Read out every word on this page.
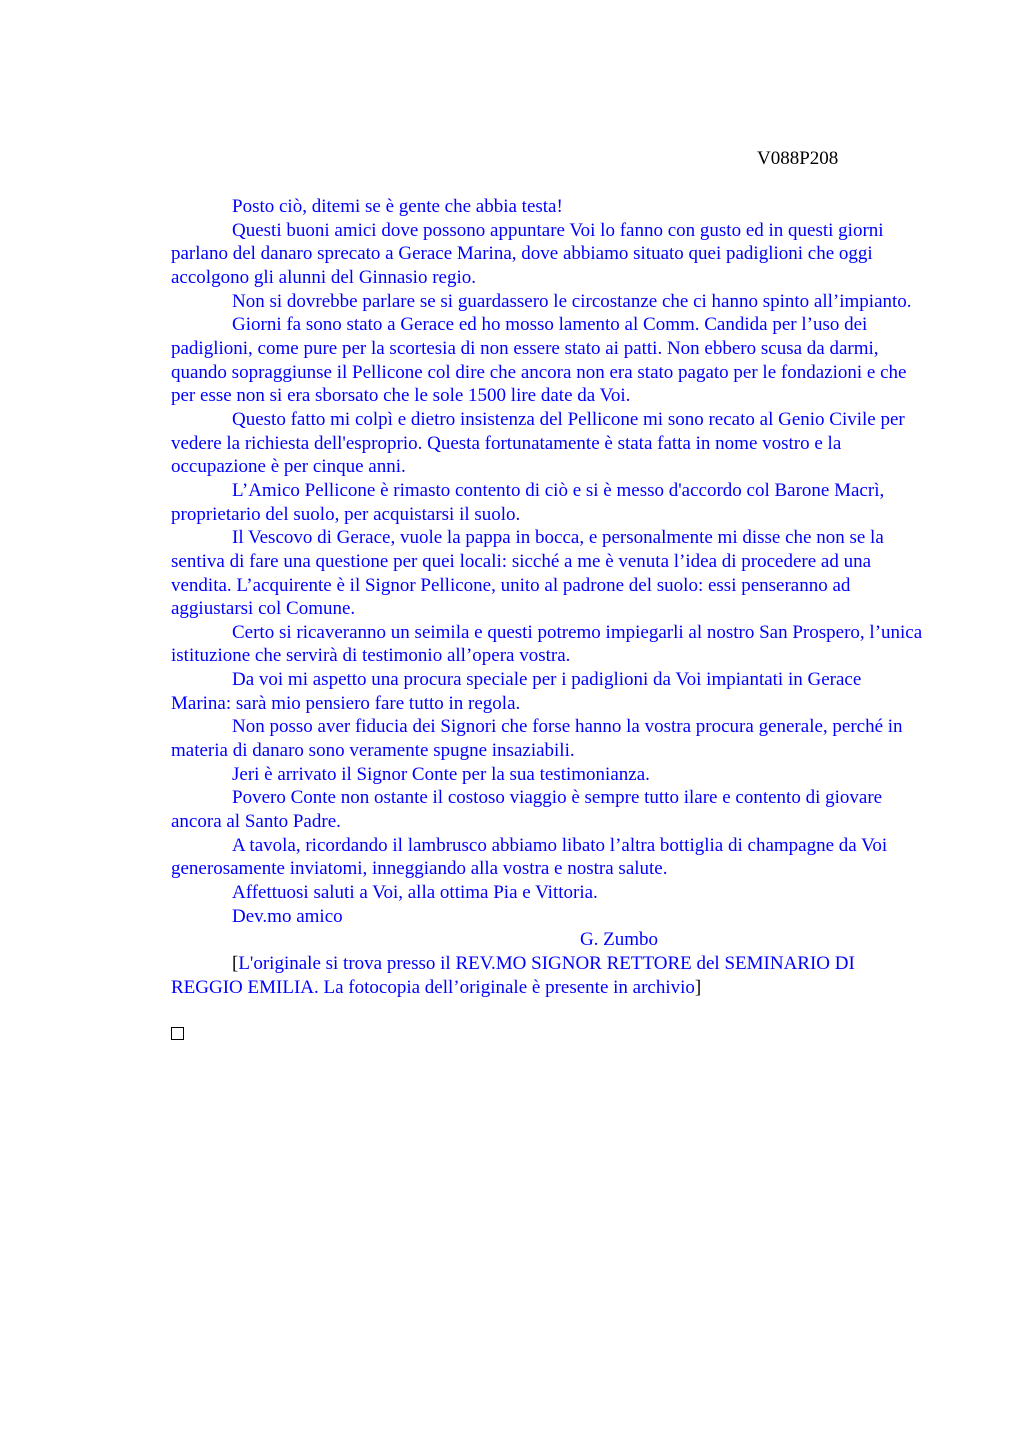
V088P208

Posto ciò, ditemi se è gente che abbia testa!

Questi buoni amici dove possono appuntare Voi lo fanno con gusto ed in questi giorni parlano del danaro sprecato a Gerace Marina, dove abbiamo situato quei padiglioni che oggi accolgono gli alunni del Ginnasio regio.

Non si dovrebbe parlare se si guardassero le circostanze che ci hanno spinto all’impianto.

Giorni fa sono stato a Gerace ed ho mosso lamento al Comm. Candida per l’uso dei padiglioni, come pure per la scortesia di non essere stato ai patti. Non ebbero scusa da darmi, quando sopraggiunse il Pellicone col dire che ancora non era stato pagato per le fondazioni e che per esse non si era sborsato che le sole 1500 lire date da Voi.

Questo fatto mi colpì e dietro insistenza del Pellicone mi sono recato al Genio Civile per vedere la richiesta dell'esproprio. Questa fortunatamente è stata fatta in nome vostro e la occupazione è per cinque anni.

L’Amico Pellicone è rimasto contento di ciò e si è messo d'accordo col Barone Macrì, proprietario del suolo, per acquistarsi il suolo.

Il Vescovo di Gerace, vuole la pappa in bocca, e personalmente mi disse che non se la sentiva di fare una questione per quei locali: sicché a me è venuta l’idea di procedere ad una vendita. L’acquirente è il Signor Pellicone, unito al padrone del suolo: essi penseranno ad aggiustarsi col Comune.

Certo si ricaveranno un seimila e questi potremo impiegarli al nostro San Prospero, l’unica istituzione che servirà di testimonio all’opera vostra.

Da voi mi aspetto una procura speciale per i padiglioni da Voi impiantati in Gerace Marina: sarà mio pensiero fare tutto in regola.

Non posso aver fiducia dei Signori che forse hanno la vostra procura generale, perché in materia di danaro sono veramente spugne insaziabili.

Jeri è arrivato il Signor Conte per la sua testimonianza.

Povero Conte non ostante il costoso viaggio è sempre tutto ilare e contento di giovare ancora al Santo Padre.

A tavola, ricordando il lambrusco abbiamo libato l’altra bottiglia di champagne da Voi generosamente inviatomi, inneggiando alla vostra e nostra salute.

Affettuosi saluti a Voi, alla ottima Pia e Vittoria.

Dev.mo amico

G. Zumbo

[L'originale si trova presso il REV.MO SIGNOR RETTORE del SEMINARIO DI REGGIO EMILIA. La fotocopia dell’originale è presente in archivio]
